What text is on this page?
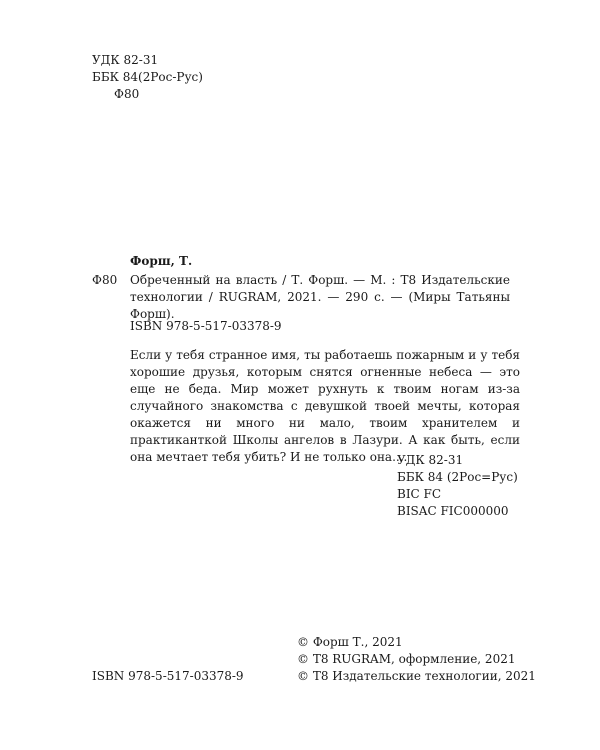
УДК 82-31
ББК 84(2Рос-Рус)
Ф80
Форш, Т.
Ф80 Обреченный на власть / Т. Форш. — М. : Т8 Издательские технологии / RUGRAM, 2021. — 290 с. — (Миры Татьяны Форш).
ISBN 978-5-517-03378-9

Если у тебя странное имя, ты работаешь пожарным и у тебя хорошие друзья, которым снятся огненные небеса — это еще не беда. Мир может рухнуть к твоим ногам из-за случайного знакомства с девушкой твоей мечты, которая окажется ни много ни мало, твоим хранителем и практиканткой Школы ангелов в Лазури. А как быть, если она мечтает тебя убить? И не только она....

УДК 82-31
ББК 84 (2Рос=Рус)
BIC FC
BISAC FIC000000
ISBN 978-5-517-03378-9
© Форш Т., 2021
© Т8 RUGRAM, оформление, 2021
© Т8 Издательские технологии, 2021
